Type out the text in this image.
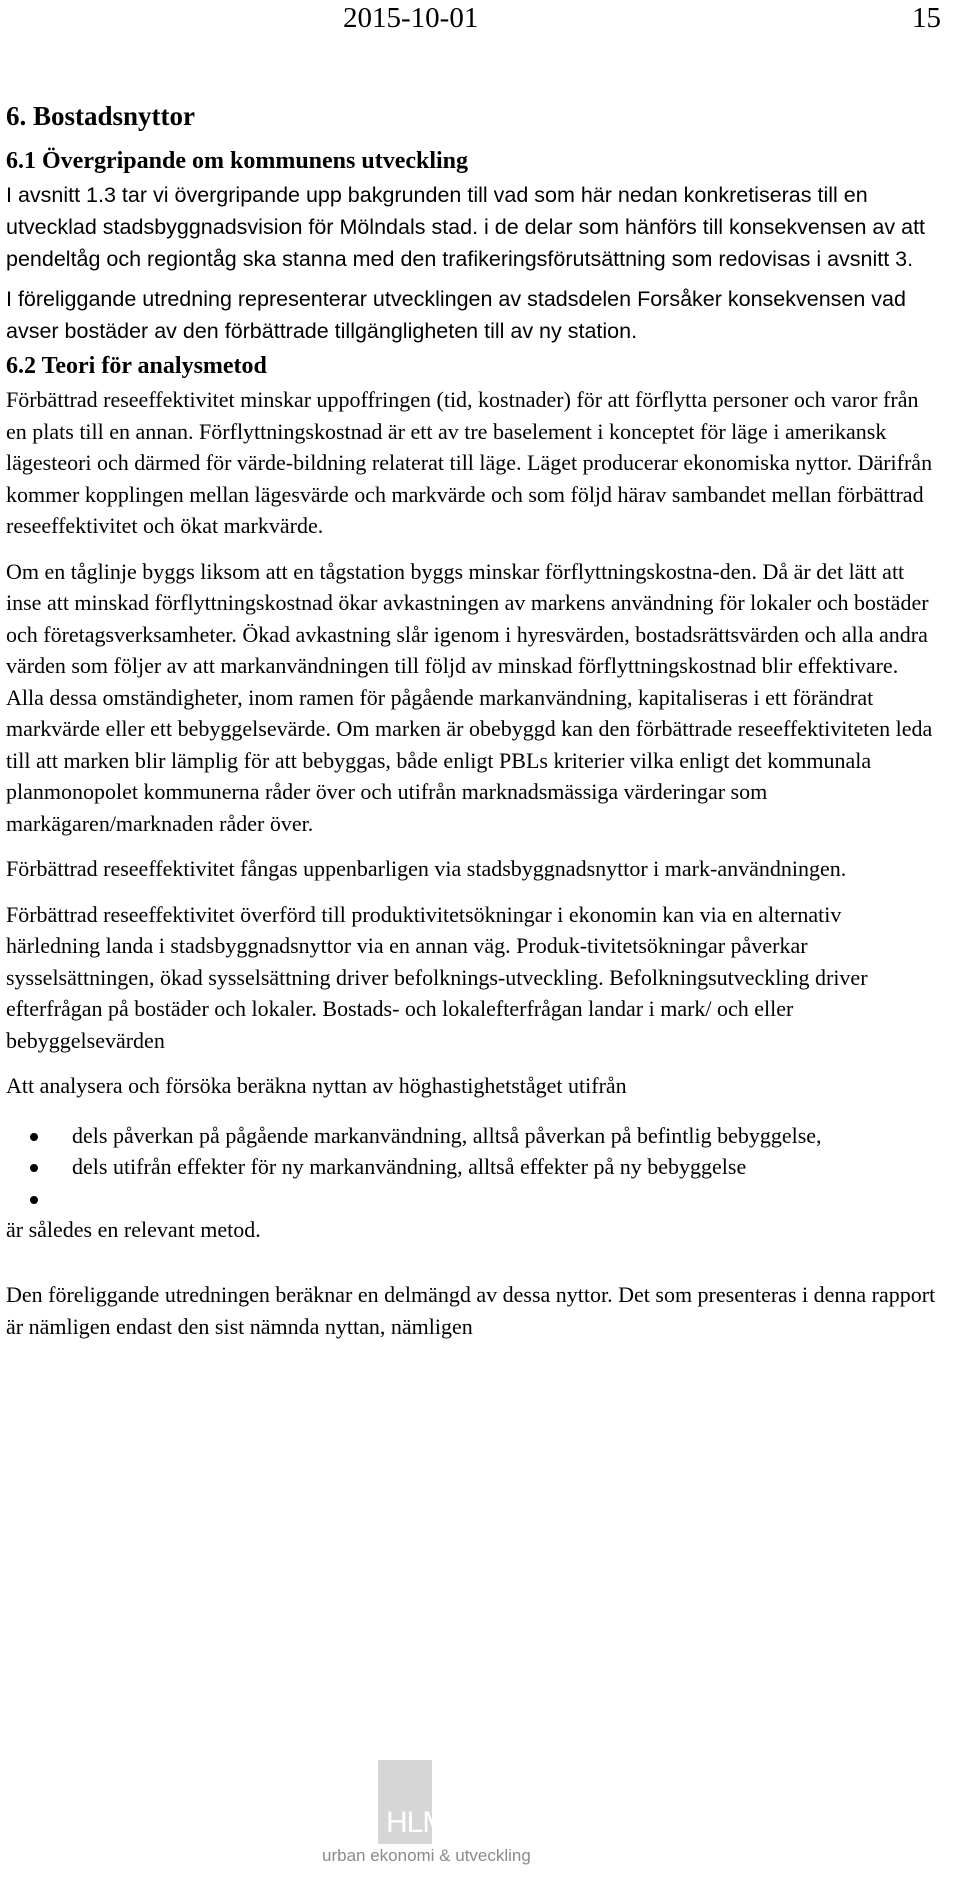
2015-10-01	15
6. Bostadsnyttor
6.1 Övergripande om kommunens utveckling

I avsnitt 1.3 tar vi övergripande upp bakgrunden till vad som här nedan konkretiseras till en utvecklad stadsbyggnadsvision för Mölndals stad. i de delar som hänförs till konsekvensen av att pendeltåg och regiontåg ska stanna med den trafikeringsförutsättning som redovisas i avsnitt 3.

I föreliggande utredning representerar utvecklingen av stadsdelen Forsåker konsekvensen vad avser bostäder av den förbättrade tillgängligheten till av ny station.

6.2 Teori för analysmetod

Förbättrad reseeffektivitet minskar uppoffringen (tid, kostnader) för att förflytta personer och varor från en plats till en annan. Förflyttningskostnad är ett av tre baselement i konceptet för läge i amerikansk lägesteori och därmed för värde-bildning relaterat till läge. Läget producerar ekonomiska nyttor. Därifrån kommer kopplingen mellan lägesvärde och markvärde och som följd härav sambandet mellan förbättrad reseeffektivitet och ökat markvärde.

Om en tåglinje byggs liksom att en tågstation byggs minskar förflyttningskostna-den. Då är det lätt att inse att minskad förflyttningskostnad ökar avkastningen av markens användning för lokaler och bostäder och företagsverksamheter. Ökad avkastning slår igenom i hyresvärden, bostadsrättsvärden och alla andra värden som följer av att markanvändningen till följd av minskad förflyttningskostnad blir effektivare. Alla dessa omständigheter, inom ramen för pågående markanvändning, kapitaliseras i ett förändrat markvärde eller ett bebyggelsevärde. Om marken är obebyggd kan den förbättrade reseeffektiviteten leda till att marken blir lämplig för att bebyggas, både enligt PBLs kriterier vilka enligt det kommunala planmonopolet kommunerna råder över och utifrån marknadsmässiga värderingar som markägaren/marknaden råder över.

Förbättrad reseeffektivitet fångas uppenbarligen via stadsbyggnadsnyttor i mark-användningen.

Förbättrad reseeffektivitet överförd till produktivitetsökningar i ekonomin kan via en alternativ härledning landa i stadsbyggnadsnyttor via en annan väg. Produk-tivitetsökningar påverkar sysselsättningen, ökad sysselsättning driver befolknings-utveckling. Befolkningsutveckling driver efterfrågan på bostäder och lokaler. Bostads- och lokalefterfrågan landar i mark/ och eller bebyggelsevärden

Att analysera och försöka beräkna nyttan av höghastighetståget utifrån

dels påverkan på pågående markanvändning, alltså påverkan på befintlig bebyggelse,
dels utifrån effekter för ny markanvändning, alltså effekter på ny bebyggelse

är således en relevant metod.

Den föreliggande utredningen beräknar en delmängd av dessa nyttor. Det som presenteras i denna rapport är nämligen endast den sist nämnda nyttan, nämligen

HLM
urban ekonomi & utveckling
